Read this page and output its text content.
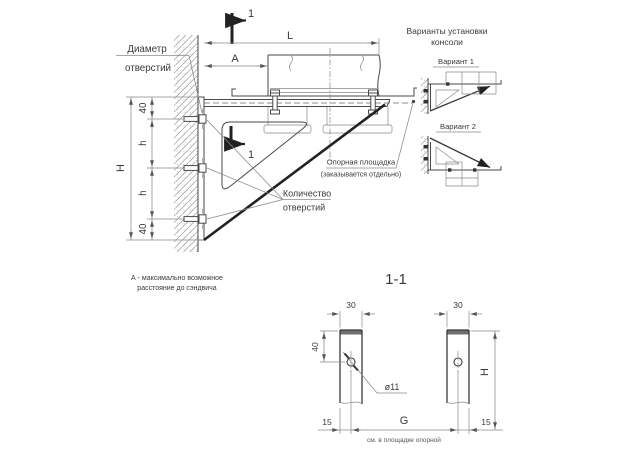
1
1
L
A
40
h
h
40
H
Диаметр
отверстий
Количество
отверстий
Опорная площадка
(заказывается отдельно)
А - максимально возможное
расстояние до сэндвича
Варианты установки
консоли
Вариант 1
Вариант 2
1-1
ø11
30	30
40
15	G	15
см. в площадке опорной
H
